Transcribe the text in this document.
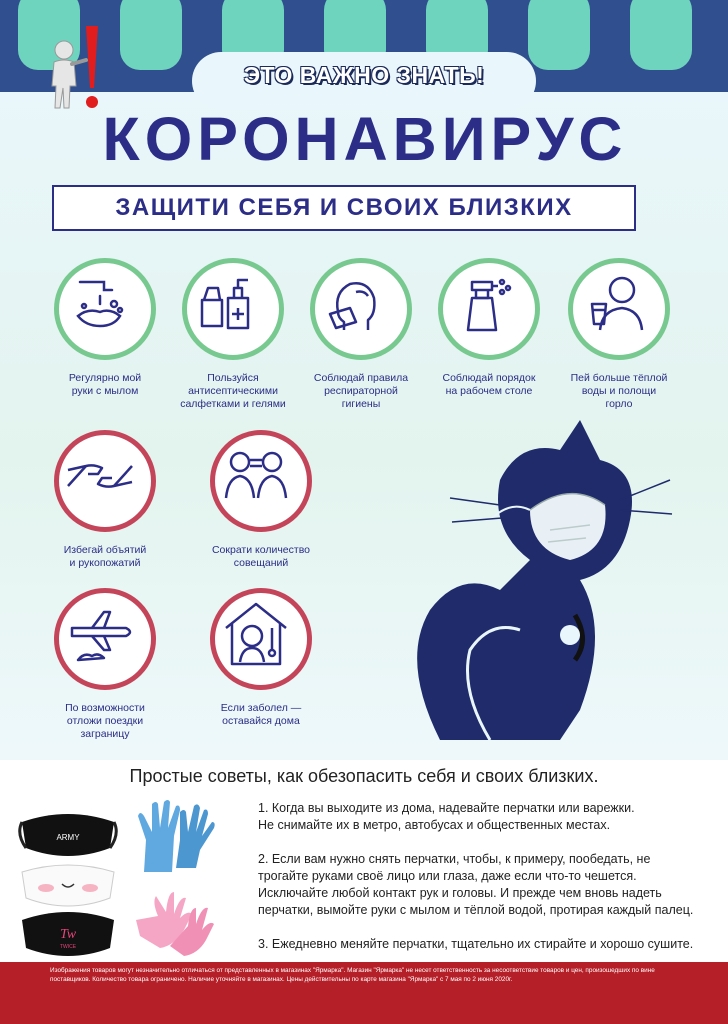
ЭТО ВАЖНО ЗНАТЬ!
КОРОНАВИРУС
ЗАЩИТИ СЕБЯ И СВОИХ БЛИЗКИХ
Регулярно мой
руки с мылом
Пользуйся
антисептическими
салфетками и гелями
Соблюдай правила
респираторной
гигиены
Соблюдай порядок
на рабочем столе
Пей больше тёплой
воды и полощи
горло
Избегай объятий
и рукопожатий
Сократи количество
совещаний
По возможности
отложи поездки
заграницу
Если заболел —
оставайся дома
Простые советы, как обезопасить себя и своих близких.

1. Когда вы выходите из дома, надевайте перчатки или варежки.
Не снимайте их в метро, автобусах и общественных местах.

2. Если вам нужно снять перчатки, чтобы, к примеру, пообедать, не трогайте руками своё лицо или глаза, даже если что-то чешется. Исключайте любой контакт рук и головы. И прежде чем вновь надеть перчатки, вымойте руки с мылом и тёплой водой, протирая каждый палец.

3. Ежедневно меняйте перчатки, тщательно их стирайте и хорошо сушите.

ARMY
Tw
TWICE
Изображения товаров могут незначительно отличаться от представленных в магазинах "Ярмарка". Магазин "Ярмарка" не несет ответственность за несоответствие товаров и цен, произошедших по вине поставщиков. Количество товара ограничено. Наличие уточняйте в магазинах. Цены действительны по карте магазина "Ярмарка" с 7 мая по 2 июня 2020г.
